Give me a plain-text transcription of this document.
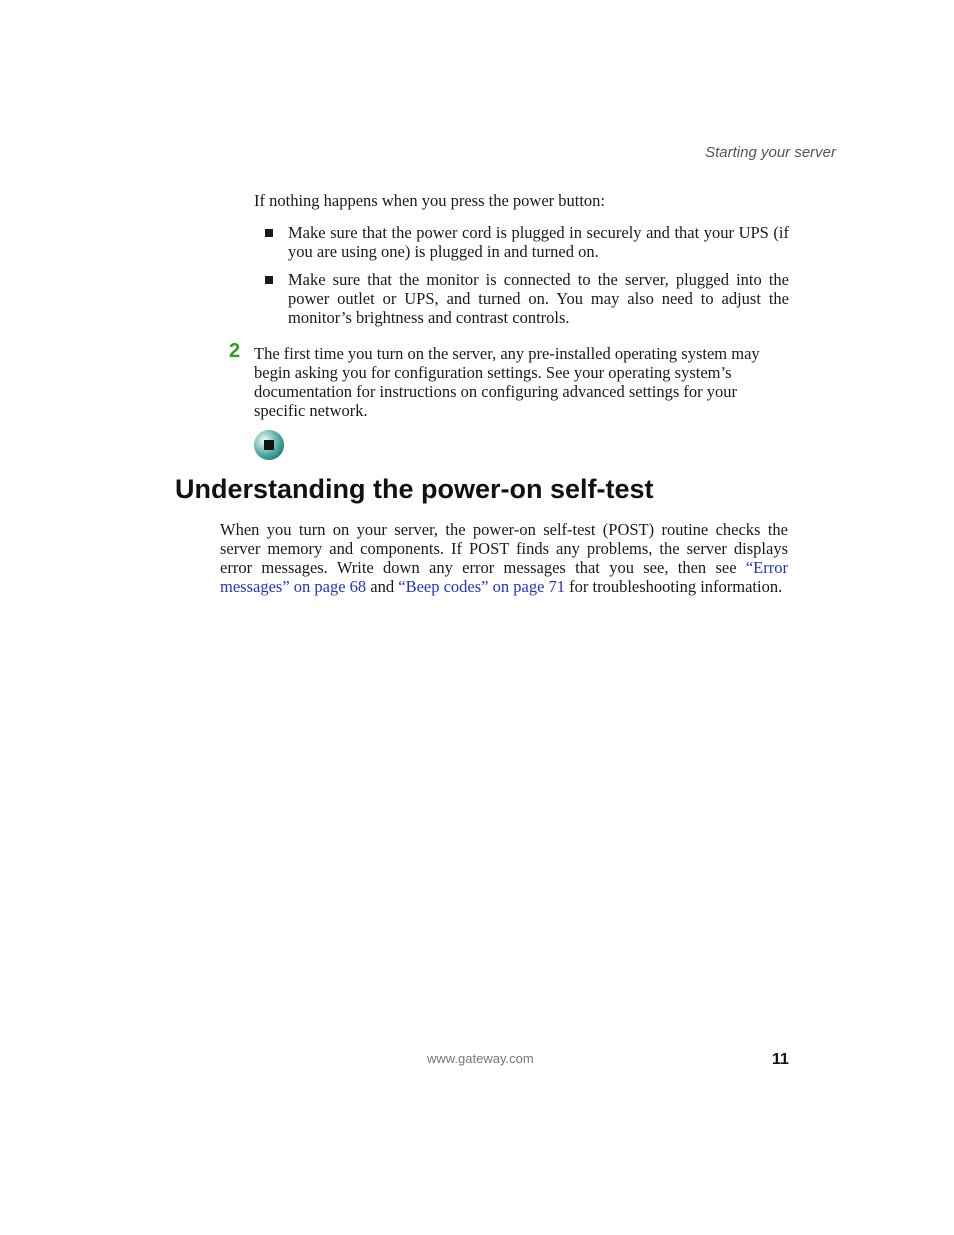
Starting your server
If nothing happens when you press the power button:
Make sure that the power cord is plugged in securely and that your UPS (if you are using one) is plugged in and turned on.
Make sure that the monitor is connected to the server, plugged into the power outlet or UPS, and turned on. You may also need to adjust the monitor’s brightness and contrast controls.
2 The first time you turn on the server, any pre-installed operating system may begin asking you for configuration settings. See your operating system’s documentation for instructions on configuring advanced settings for your specific network.
Understanding the power-on self-test

When you turn on your server, the power-on self-test (POST) routine checks the server memory and components. If POST finds any problems, the server displays error messages. Write down any error messages that you see, then see “Error messages” on page 68 and “Beep codes” on page 71 for troubleshooting information.

www.gateway.com	11
